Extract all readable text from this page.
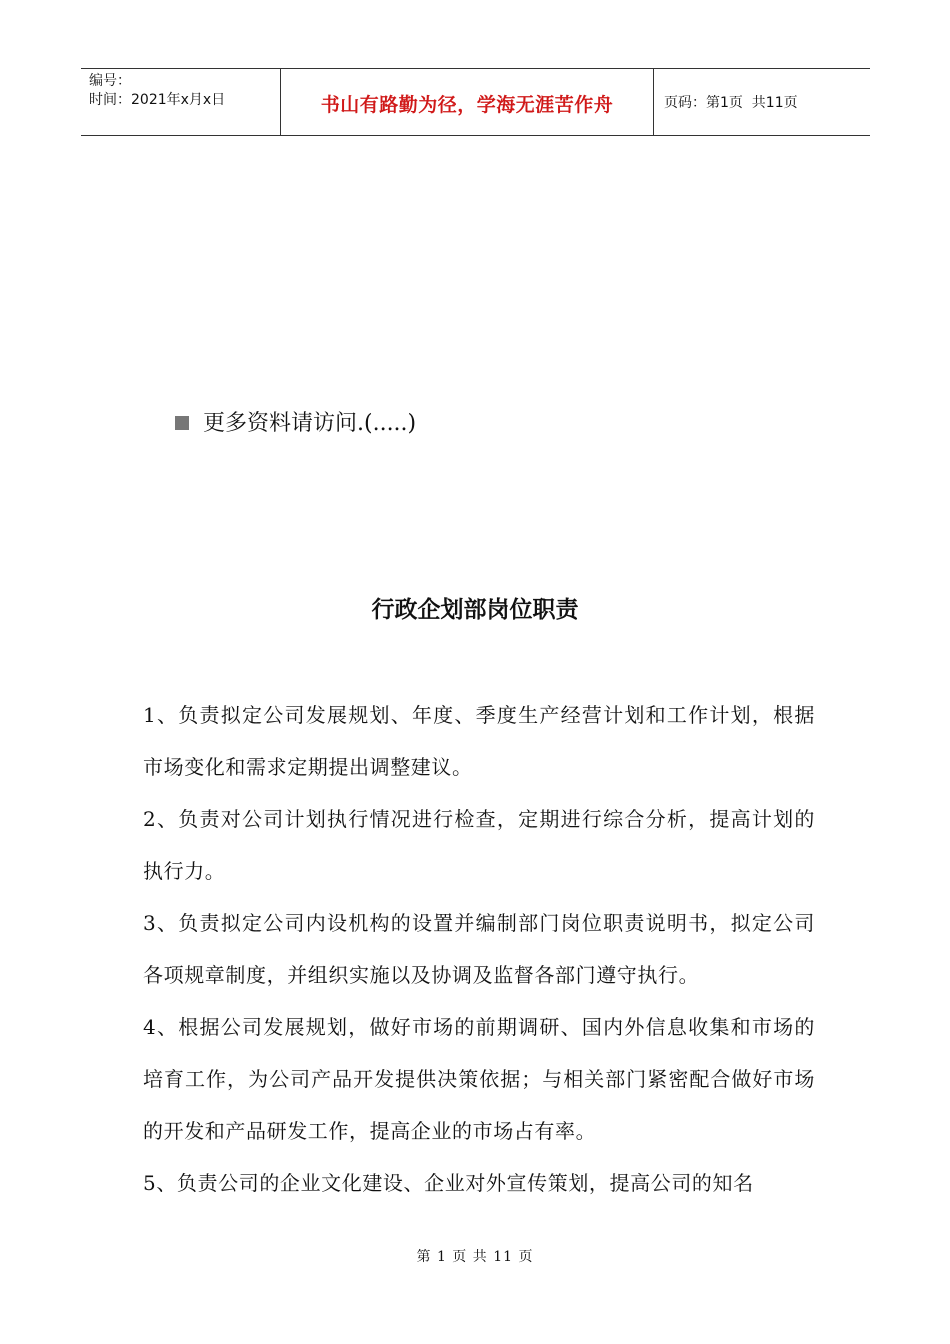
编号：
时间：2021年x月x日	书山有路勤为径，学海无涯苦作舟	页码：第1页  共11页
更多资料请访问.(.....)
行政企划部岗位职责

1、负责拟定公司发展规划、年度、季度生产经营计划和工作计划，根据市场变化和需求定期提出调整建议。

2、负责对公司计划执行情况进行检查，定期进行综合分析，提高计划的执行力。

3、负责拟定公司内设机构的设置并编制部门岗位职责说明书，拟定公司各项规章制度，并组织实施以及协调及监督各部门遵守执行。

4、根据公司发展规划，做好市场的前期调研、国内外信息收集和市场的培育工作，为公司产品开发提供决策依据；与相关部门紧密配合做好市场的开发和产品研发工作，提高企业的市场占有率。

5、负责公司的企业文化建设、企业对外宣传策划，提高公司的知名

第 1 页 共 11 页
